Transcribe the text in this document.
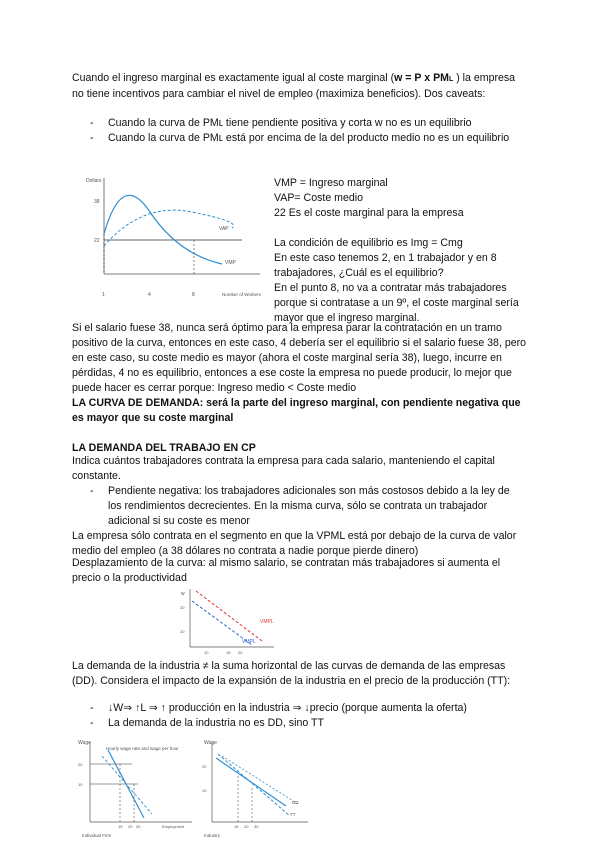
Cuando el ingreso marginal es exactamente igual al coste marginal (w = P x PML ) la empresa no tiene incentivos para cambiar el nivel de empleo (maximiza beneficios). Dos caveats:

- Cuando la curva de PMʟ tiene pendiente positiva y corta w no es un equilibrio
- Cuando la curva de PMʟ está por encima de la del producto medio no es un equilibrio
Dollars
38
22
VAP
VMP
1	4	8	Number of Workers

VMP = Ingreso marginal

VAP= Coste medio

22 Es el coste marginal para la empresa

La condición de equilibrio es Img = Cmg

En este caso tenemos 2, en 1 trabajador y en 8 trabajadores, ¿Cuál es el equilibrio?

En el punto 8, no va a contratar más trabajadores porque si contratase a un 9º, el coste marginal sería mayor que el ingreso marginal.

Si el salario fuese 38, nunca será óptimo para la empresa parar la contratación en un tramo positivo de la curva, entonces en este caso, 4 debería ser el equilibrio si el salario fuese 38, pero en este caso, su coste medio es mayor (ahora el coste marginal sería 38), luego, incurre en pérdidas, 4 no es equilibrio, entonces a ese coste la empresa no puede producir, lo mejor que puede hacer es cerrar porque: Ingreso medio < Coste medio

LA CURVA DE DEMANDA: será la parte del ingreso marginal, con pendiente negativa que es mayor que su coste marginal

LA DEMANDA DEL TRABAJO EN CP

Indica cuántos trabajadores contrata la empresa para cada salario, manteniendo el capital constante.

- Pendiente negativa: los trabajadores adicionales son más costosos debido a la ley de los rendimientos decrecientes. En la misma curva, sólo se contrata un trabajador adicional si su coste es menor

La empresa sólo contrata en el segmento en que la VPML está por debajo de la curva de valor medio del empleo (a 38 dólares no contrata a nadie porque pierde dinero)

Desplazamiento de la curva: al mismo salario, se contratan más trabajadores si aumenta el precio o la productividad

w
20
10
VMPL
VMPL
10	15 20

La demanda de la industria ≠ la suma horizontal de las curvas de demanda de las empresas (DD). Considera el impacto de la expansión de la industria en el precio de la producción (TT):

- ↓W⇒ ↑L ⇒ ↑ producción en la industria ⇒ ↓precio (porque aumenta la oferta)
- La demanda de la industria no es DD, sino TT
Wage
Hourly wage rate and wage per hour
20
10
15 20 30	Employment
Individual Firm
Wage
20
10
DD
TT
15 20 30
Industry
